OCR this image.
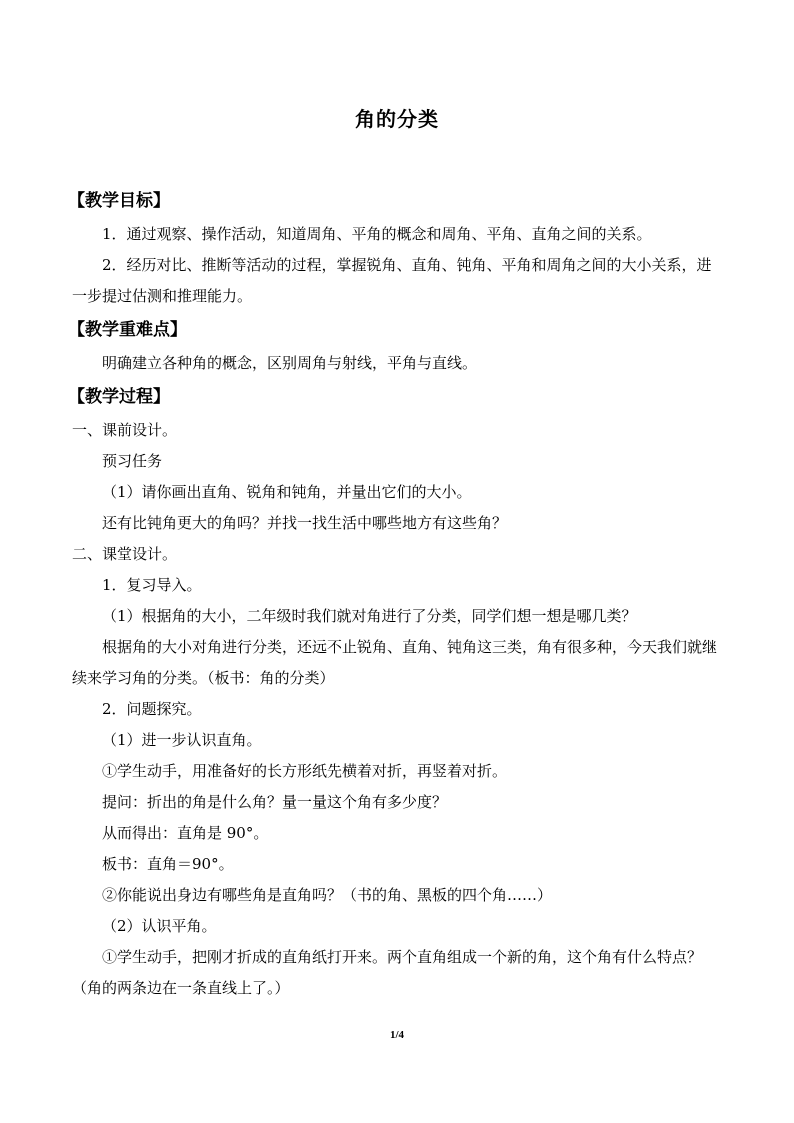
角的分类

【教学目标】

1．通过观察、操作活动，知道周角、平角的概念和周角、平角、直角之间的关系。

2．经历对比、推断等活动的过程，掌握锐角、直角、钝角、平角和周角之间的大小关系，进一步提过估测和推理能力。

【教学重难点】

明确建立各种角的概念，区别周角与射线，平角与直线。

【教学过程】

一、课前设计。

预习任务

（1）请你画出直角、锐角和钝角，并量出它们的大小。

还有比钝角更大的角吗？并找一找生活中哪些地方有这些角？

二、课堂设计。

1．复习导入。

（1）根据角的大小，二年级时我们就对角进行了分类，同学们想一想是哪几类？

根据角的大小对角进行分类，还远不止锐角、直角、钝角这三类，角有很多种，今天我们就继续来学习角的分类。（板书：角的分类）

2．问题探究。

（1）进一步认识直角。

①学生动手，用准备好的长方形纸先横着对折，再竖着对折。

提问：折出的角是什么角？量一量这个角有多少度？

从而得出：直角是 90°。

板书：直角＝90°。

②你能说出身边有哪些角是直角吗？（书的角、黑板的四个角……）

（2）认识平角。

①学生动手，把刚才折成的直角纸打开来。两个直角组成一个新的角，这个角有什么特点？（角的两条边在一条直线上了。）

1/4
